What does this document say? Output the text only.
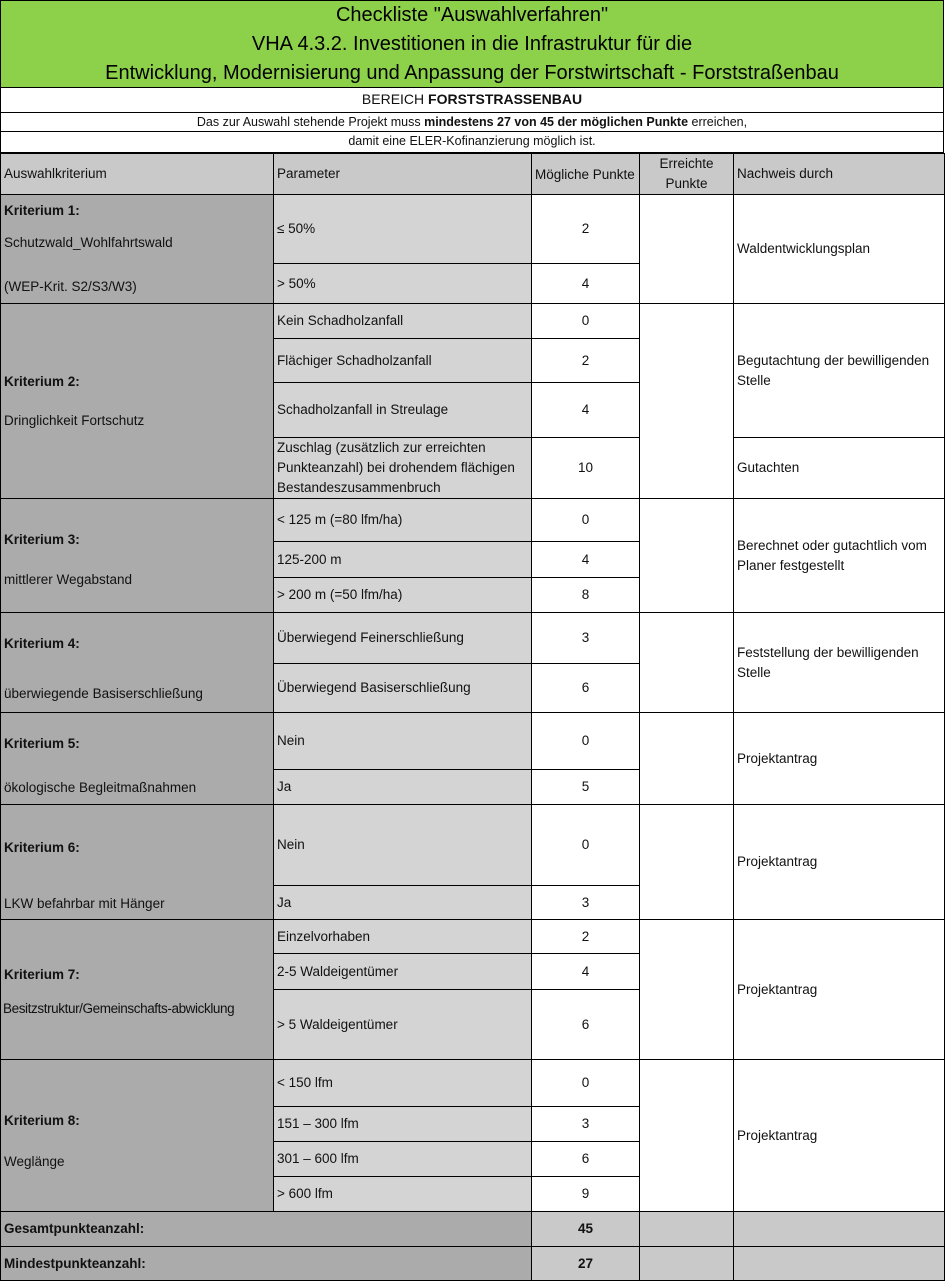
Checkliste "Auswahlverfahren"
VHA 4.3.2. Investitionen in die Infrastruktur für die
Entwicklung, Modernisierung und Anpassung der Forstwirtschaft - Forststraßenbau
BEREICH FORSTSTRASSENBAU
Das zur Auswahl stehende Projekt muss mindestens 27 von 45 der möglichen Punkte erreichen,
damit eine ELER-Kofinanzierung möglich ist.
Auswahlkriterium	Parameter	Mögliche Punkte	Erreichte Punkte	Nachweis durch

Kriterium 1:
Schutzwald_Wohlfahrtswald
(WEP-Krit. S2/S3/W3)	≤ 50%	2		Waldentwicklungsplan
	> 50%	4		

Kriterium 2:
Dringlichkeit Fortschutz	Kein Schadholzanfall	0		Begutachtung der bewilligenden Stelle
	Flächiger Schadholzanfall	2		
	Schadholzanfall in Streulage	4		
	Zuschlag (zusätzlich zur erreichten Punkteanzahl) bei drohendem flächigen Bestandeszusammenbruch	10		Gutachten

Kriterium 3:
mittlerer Wegabstand	< 125 m (=80 lfm/ha)	0		Berechnet oder gutachtlich vom Planer festgestellt
	125-200 m	4		
	> 200 m (=50 lfm/ha)	8		

Kriterium 4:
überwiegende Basiserschließung	Überwiegend Feinerschließung	3		Feststellung der bewilligenden Stelle
	Überwiegend Basiserschließung	6		

Kriterium 5:
ökologische Begleitmaßnahmen	Nein	0		Projektantrag
	Ja	5		

Kriterium 6:
LKW befahrbar mit Hänger	Nein	0		Projektantrag
	Ja	3		

Kriterium 7:
Besitzstruktur/Gemeinschafts-abwicklung	Einzelvorhaben	2		Projektantrag
	2-5 Waldeigentümer	4		
	> 5 Waldeigentümer	6		

Kriterium 8:
Weglänge	< 150 lfm	0		Projektantrag
	151 – 300 lfm	3		
	301 – 600 lfm	6		
	> 600 lfm	9		
Gesamtpunkteanzahl:		45		
Mindestpunkteanzahl:		27		
